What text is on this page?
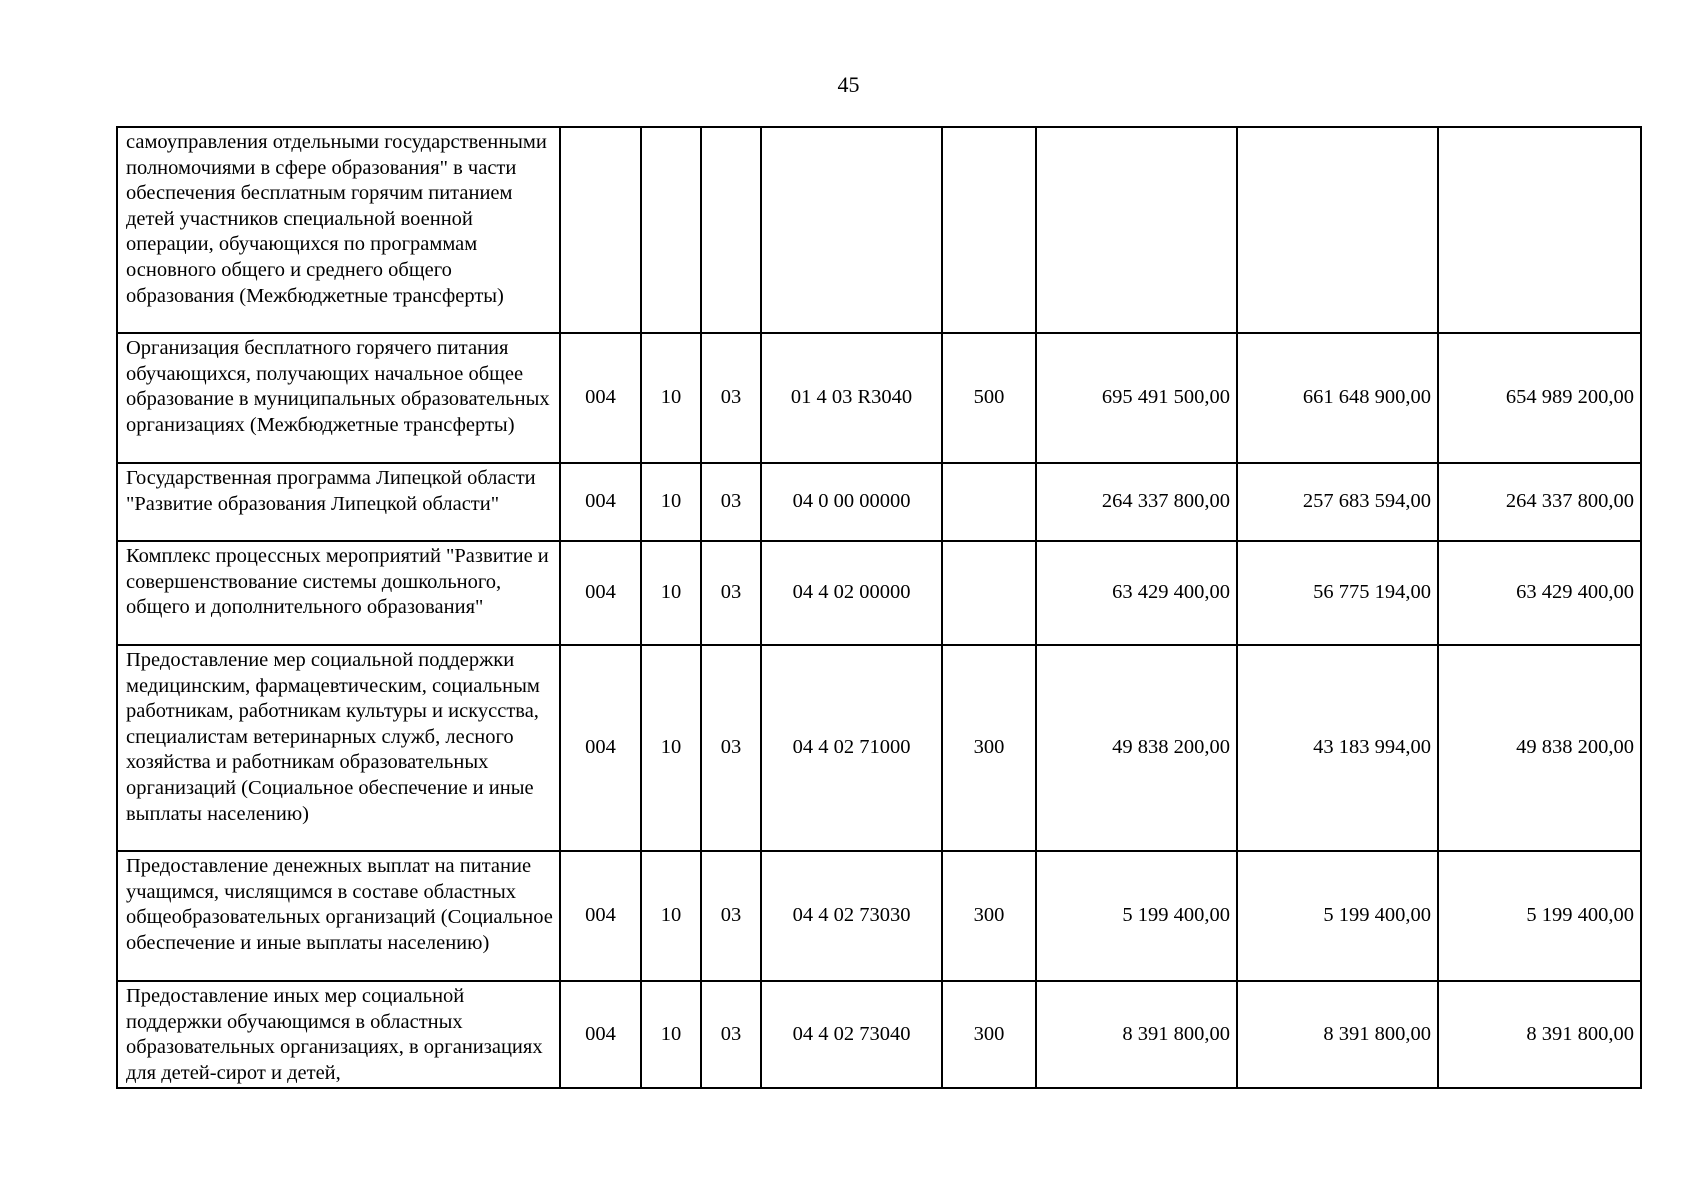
45
самоуправления отдельными государственными полномочиями в сфере образования" в части обеспечения бесплатным горячим питанием детей участников специальной военной операции, обучающихся по программам основного общего и среднего общего образования (Межбюджетные трансферты)								
Организация бесплатного горячего питания обучающихся, получающих начальное общее образование в муниципальных образовательных организациях (Межбюджетные трансферты)	004	10	03	01 4 03 R3040	500	695 491 500,00	661 648 900,00	654 989 200,00
Государственная программа Липецкой области "Развитие образования Липецкой области"	004	10	03	04 0 00 00000		264 337 800,00	257 683 594,00	264 337 800,00
Комплекс процессных мероприятий "Развитие и совершенствование системы дошкольного, общего и дополнительного образования"	004	10	03	04 4 02 00000		63 429 400,00	56 775 194,00	63 429 400,00
Предоставление мер социальной поддержки медицинским, фармацевтическим, социальным работникам, работникам культуры и искусства, специалистам ветеринарных служб, лесного хозяйства и работникам образовательных организаций (Социальное обеспечение и иные выплаты населению)	004	10	03	04 4 02 71000	300	49 838 200,00	43 183 994,00	49 838 200,00
Предоставление денежных выплат на питание учащимся, числящимся в составе областных общеобразовательных организаций (Социальное обеспечение и иные выплаты населению)	004	10	03	04 4 02 73030	300	5 199 400,00	5 199 400,00	5 199 400,00
Предоставление иных мер социальной поддержки обучающимся в областных образовательных организациях, в организациях для детей-сирот и детей,	004	10	03	04 4 02 73040	300	8 391 800,00	8 391 800,00	8 391 800,00
